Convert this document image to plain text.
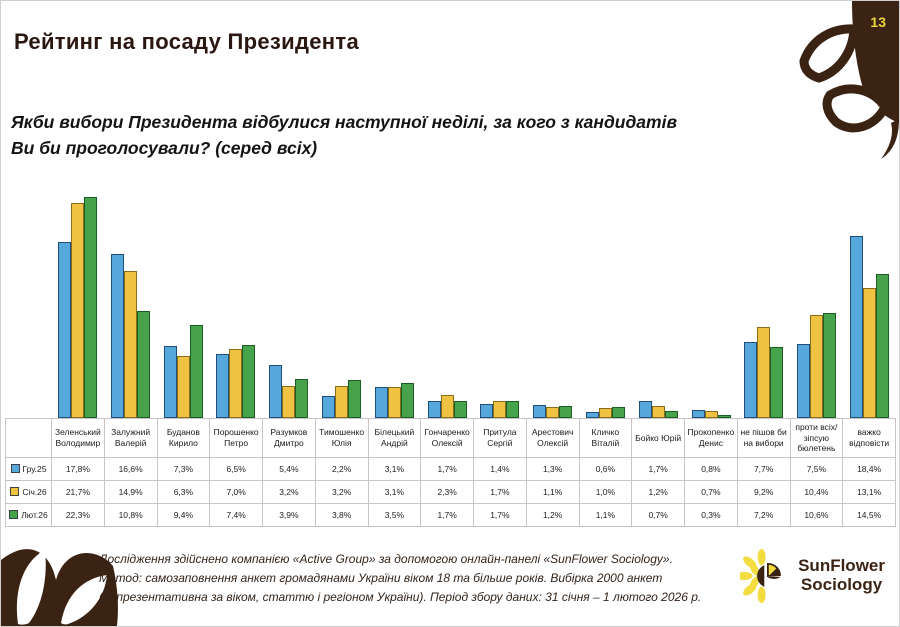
13
Рейтинг на посаду Президента
Якби вибори Президента відбулися наступної неділі, за кого з кандидатів
Ви би проголосували? (серед всіх)
	Зеленський Володимир	Залужний Валерій	Буданов Кирило	Порошенко Петро	Разумков Дмитро	Тимошенко Юлія	Білецький Андрій	Гончаренко Олексій	Притула Сергій	Арестович Олексій	Кличко Віталій	Бойко Юрій	Прокопенко Денис	не пішов би на вибори	проти всіх/зіпсую бюлетень	важко відповісти
Гру.25	17,8%	16,6%	7,3%	6,5%	5,4%	2,2%	3,1%	1,7%	1,4%	1,3%	0,6%	1,7%	0,8%	7,7%	7,5%	18,4%
Січ.26	21,7%	14,9%	6,3%	7,0%	3,2%	3,2%	3,1%	2,3%	1,7%	1,1%	1,0%	1,2%	0,7%	9,2%	10,4%	13,1%
Лют.26	22,3%	10,8%	9,4%	7,4%	3,9%	3,8%	3,5%	1,7%	1,7%	1,2%	1,1%	0,7%	0,3%	7,2%	10,6%	14,5%
Дослідження здійснено компанією «Active Group» за допомогою онлайн-панелі «SunFlower Sociology».
Метод: самозаповнення анкет громадянами України віком 18 та більше років. Вибірка 2000 анкет
(репрезентативна за віком, статтю і регіоном України). Період збору даних: 31 січня – 1 лютого 2026 р.
SunFlower
Sociology
